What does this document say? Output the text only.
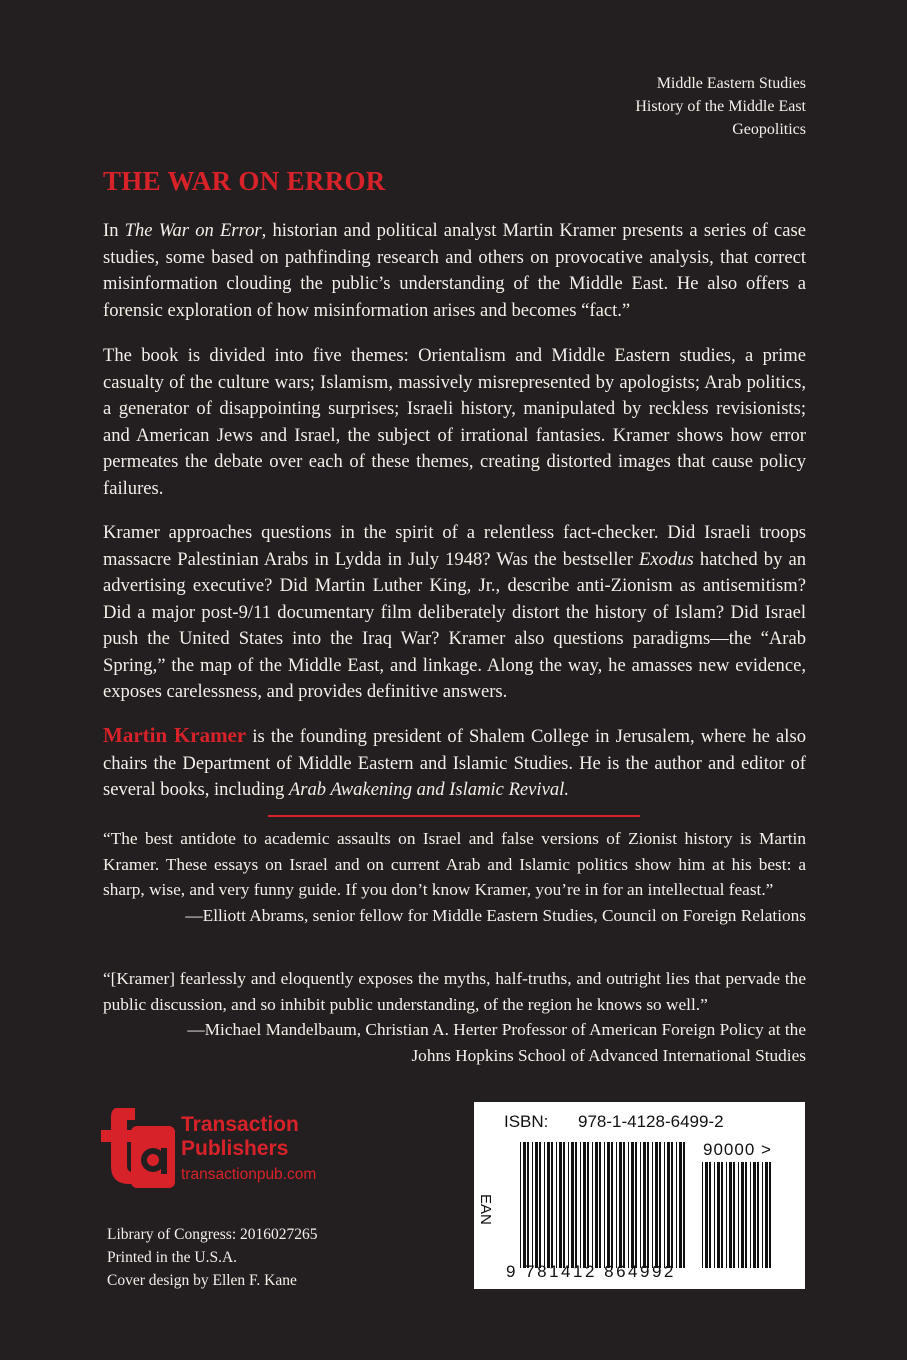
Middle Eastern Studies
History of the Middle East
Geopolitics
THE WAR ON ERROR

In The War on Error, historian and political analyst Martin Kramer presents a series of case studies, some based on pathfinding research and others on provocative analysis, that correct misinformation clouding the public’s understanding of the Middle East. He also offers a forensic exploration of how misinformation arises and becomes “fact.”

The book is divided into five themes: Orientalism and Middle Eastern studies, a prime casualty of the culture wars; Islamism, massively misrepresented by apologists; Arab politics, a generator of disappointing surprises; Israeli history, manipulated by reckless revisionists; and American Jews and Israel, the subject of irrational fantasies. Kramer shows how error permeates the debate over each of these themes, creating distorted images that cause policy failures.

Kramer approaches questions in the spirit of a relentless fact-checker. Did Israeli troops massacre Palestinian Arabs in Lydda in July 1948? Was the bestseller Exodus hatched by an advertising executive? Did Martin Luther King, Jr., describe anti-Zionism as antisemitism? Did a major post-9/11 documentary film deliberately distort the history of Islam? Did Israel push the United States into the Iraq War? Kramer also questions paradigms—the “Arab Spring,” the map of the Middle East, and linkage. Along the way, he amasses new evidence, exposes carelessness, and provides definitive answers.

Martin Kramer is the founding president of Shalem College in Jerusalem, where he also chairs the Department of Middle Eastern and Islamic Studies. He is the author and editor of several books, including Arab Awakening and Islamic Revival.

“The best antidote to academic assaults on Israel and false versions of Zionist history is Martin Kramer. These essays on Israel and on current Arab and Islamic politics show him at his best: a sharp, wise, and very funny guide. If you don’t know Kramer, you’re in for an intellectual feast.”

—Elliott Abrams, senior fellow for Middle Eastern Studies, Council on Foreign Relations

“[Kramer] fearlessly and eloquently exposes the myths, half-truths, and outright lies that pervade the public discussion, and so inhibit public understanding, of the region he knows so well.”

—Michael Mandelbaum, Christian A. Herter Professor of American Foreign Policy at the
Johns Hopkins School of Advanced International Studies
Transaction
Publishers
transactionpub.com
Library of Congress: 2016027265
Printed in the U.S.A.
Cover design by Ellen F. Kane
ISBN: 978-1-4128-6499-2
90000 >
EAN
9 781412 864992
